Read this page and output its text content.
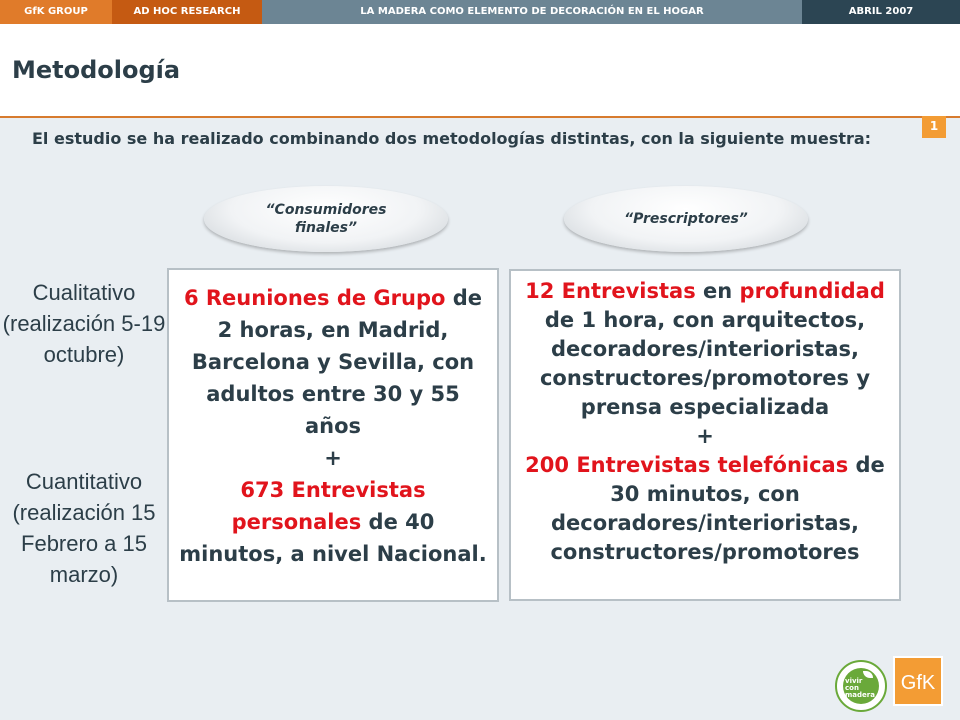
GfK GROUP	AD HOC RESEARCH	LA MADERA COMO ELEMENTO DE DECORACIÓN EN EL HOGAR	ABRIL 2007
Metodología
1
El estudio se ha realizado combinando dos metodologías distintas, con la siguiente muestra:
“Consumidores finales”
“Prescriptores”
Cualitativo (realización 5-19 octubre)
Cuantitativo (realización 15 Febrero a 15 marzo)
6 Reuniones de Grupo de 2 horas, en Madrid, Barcelona y Sevilla, con adultos entre 30 y 55 años
+
673 Entrevistas personales de 40 minutos, a nivel Nacional.
12 Entrevistas en profundidad de 1 hora, con arquitectos, decoradores/interioristas, constructores/promotores y prensa especializada
+
200 Entrevistas telefónicas de 30 minutos, con decoradores/interioristas, constructores/promotores
vivir
con
madera
GfK
